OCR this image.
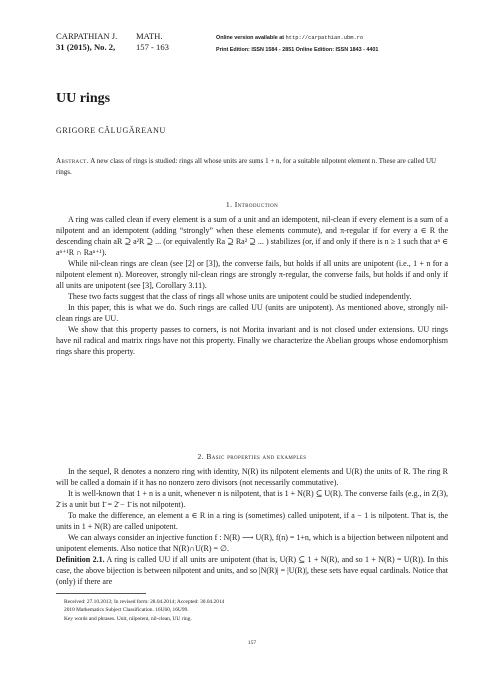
CARPATHIAN J.
31 (2015), No. 2,
MATH.
157 - 163
Online version available at http://carpathian.ubm.ro
Print Edition: ISSN 1584 - 2851 Online Edition: ISSN 1843 - 4401
UU rings
GRIGORE CĂLUGĂREANU
Abstract. A new class of rings is studied: rings all whose units are sums 1 + n, for a suitable nilpotent element n. These are called UU rings.
1. Introduction

A ring was called clean if every element is a sum of a unit and an idempotent, nil-clean if every element is a sum of a nilpotent and an idempotent (adding “strongly” when these elements commute), and π-regular if for every a ∈ R the descending chain aR ⊇ a²R ⊇ ... (or equivalently Ra ⊇ Ra² ⊇ ... ) stabilizes (or, if and only if there is n ≥ 1 such that aⁿ ∈ aⁿ⁺¹R ∩ Raⁿ⁺¹).

While nil-clean rings are clean (see [2] or [3]), the converse fails, but holds if all units are unipotent (i.e., 1 + n for a nilpotent element n). Moreover, strongly nil-clean rings are strongly π-regular, the converse fails, but holds if and only if all units are unipotent (see [3], Corollary 3.11).

These two facts suggest that the class of rings all whose units are unipotent could be studied independently.

In this paper, this is what we do. Such rings are called UU (units are unipotent). As mentioned above, strongly nil-clean rings are UU.

We show that this property passes to corners, is not Morita invariant and is not closed under extensions. UU rings have nil radical and matrix rings have not this property. Finally we characterize the Abelian groups whose endomorphism rings share this property.

2. Basic properties and examples

In the sequel, R denotes a nonzero ring with identity, N(R) its nilpotent elements and U(R) the units of R. The ring R will be called a domain if it has no nonzero zero divisors (not necessarily commutative).

It is well-known that 1 + n is a unit, whenever n is nilpotent, that is 1 + N(R) ⊆ U(R). The converse fails (e.g., in Z(3), 2̄ is a unit but 1̄ = 2̄ − 1̄ is not nilpotent).

To make the difference, an element a ∈ R in a ring is (sometimes) called unipotent, if a − 1 is nilpotent. That is, the units in 1 + N(R) are called unipotent.

We can always consider an injective function f : N(R) ⟶ U(R), f(n) = 1+n, which is a bijection between nilpotent and unipotent elements. Also notice that N(R)∩U(R) = ∅.

Definition 2.1. A ring is called UU if all units are unipotent (that is, U(R) ⊆ 1 + N(R), and so 1 + N(R) = U(R)). In this case, the above bijection is between nilpotent and units, and so |N(R)| = |U(R)|, these sets have equal cardinals. Notice that (only) if there are

Received: 27.10.2013; In revised form: 28.04.2014; Accepted: 30.04.2014
2010 Mathematics Subject Classification. 16U60, 16U99.
Key words and phrases. Unit, nilpotent, nil-clean, UU ring.
157
